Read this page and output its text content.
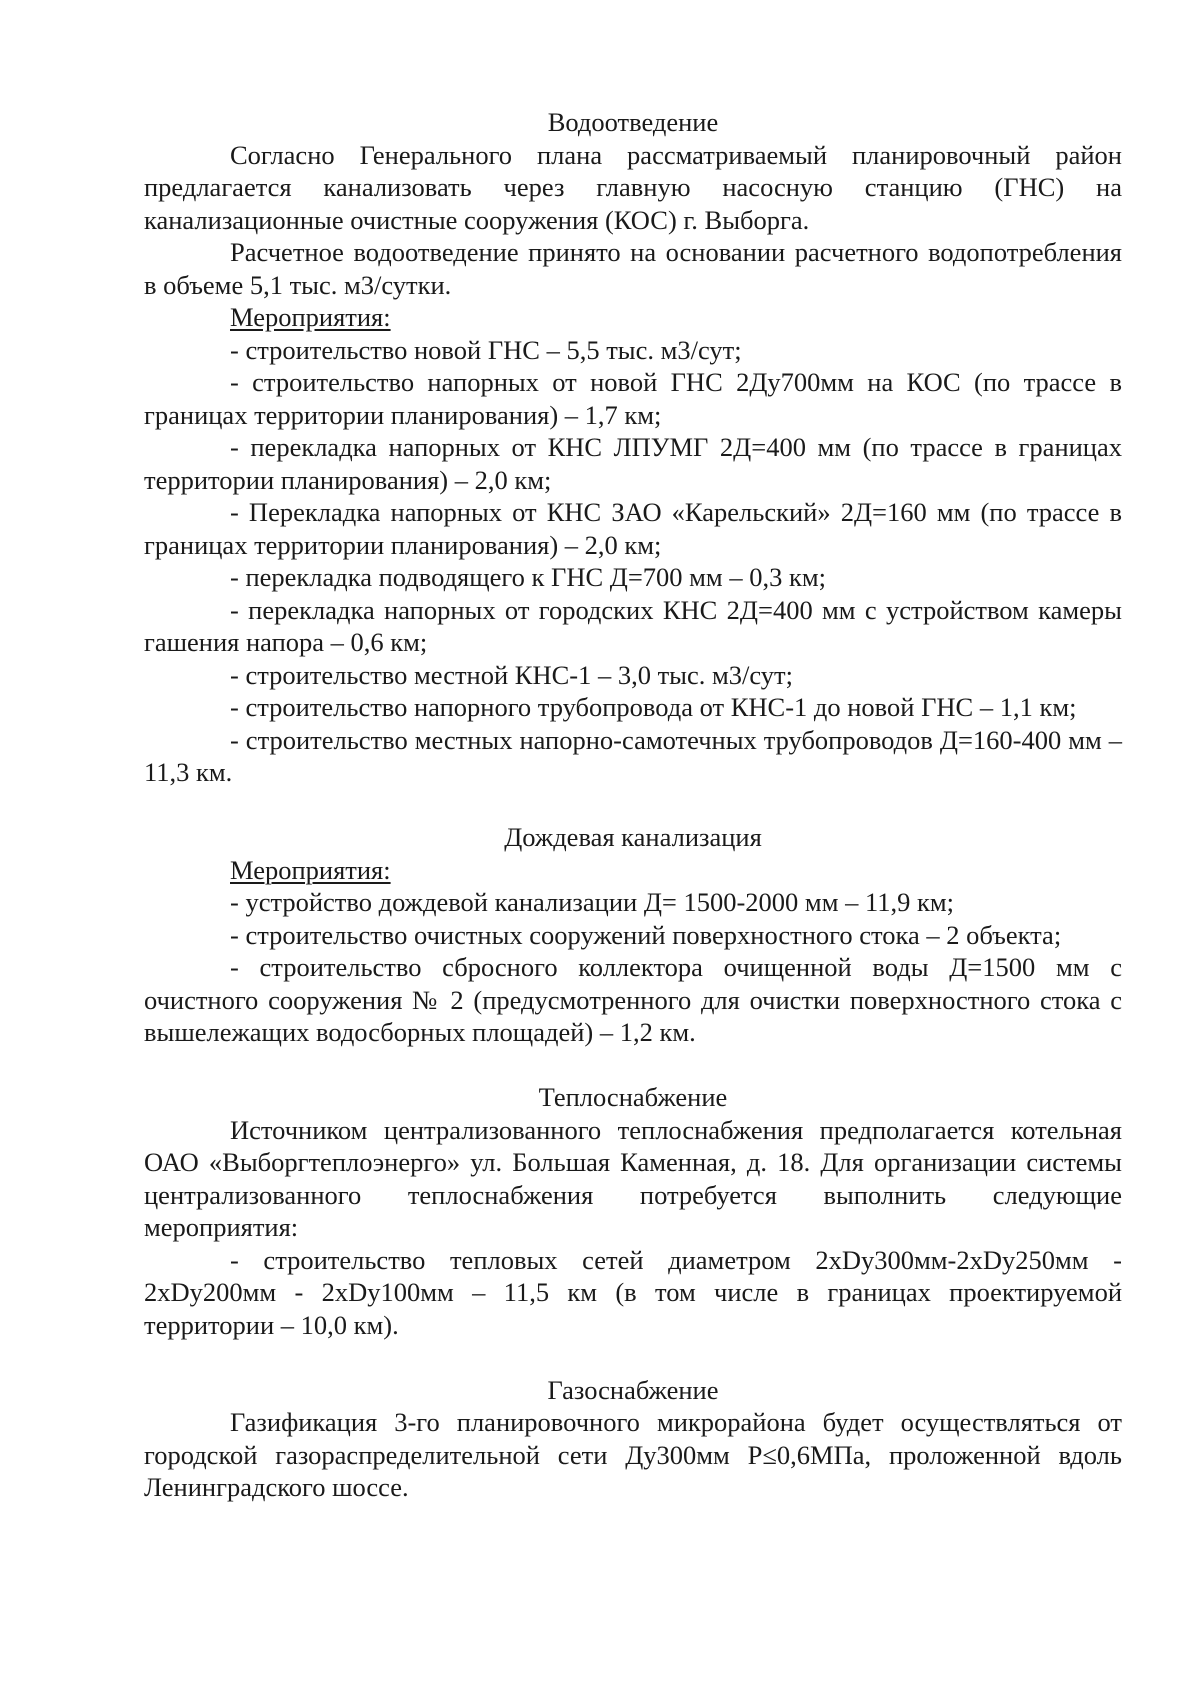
Водоотведение

Согласно Генерального плана рассматриваемый планировочный район предлагается канализовать через главную насосную станцию (ГНС) на канализационные очистные сооружения (КОС) г. Выборга.

Расчетное водоотведение принято на основании расчетного водопотребления в объеме 5,1 тыс. м3/сутки.

Мероприятия:

- строительство новой ГНС – 5,5 тыс. м3/сут;

- строительство напорных от новой ГНС 2Ду700мм на КОС (по трассе в границах территории планирования) – 1,7 км;

- перекладка напорных от КНС ЛПУМГ 2Д=400 мм (по трассе в границах территории планирования) – 2,0 км;

- Перекладка напорных от КНС ЗАО «Карельский» 2Д=160 мм (по трассе в границах территории планирования) – 2,0 км;

- перекладка подводящего к ГНС Д=700 мм – 0,3 км;

- перекладка напорных от городских КНС 2Д=400 мм с устройством камеры гашения напора – 0,6 км;

- строительство местной КНС-1 – 3,0 тыс. м3/сут;

- строительство напорного трубопровода от КНС-1 до новой ГНС – 1,1 км;

- строительство местных напорно-самотечных трубопроводов Д=160-400 мм – 11,3 км.

Дождевая канализация

Мероприятия:

- устройство дождевой канализации Д= 1500-2000 мм – 11,9 км;

- строительство очистных сооружений поверхностного стока – 2 объекта;

- строительство сбросного коллектора очищенной воды Д=1500 мм с очистного сооружения № 2 (предусмотренного для очистки поверхностного стока с вышележащих водосборных площадей) – 1,2 км.

Теплоснабжение

Источником централизованного теплоснабжения предполагается котельная ОАО «Выборгтеплоэнерго» ул. Большая Каменная, д. 18. Для организации системы централизованного теплоснабжения потребуется выполнить следующие мероприятия:

- строительство тепловых сетей диаметром 2xDy300мм-2xDy250мм - 2xDy200мм - 2xDy100мм – 11,5 км (в том числе в границах проектируемой территории – 10,0 км).

Газоснабжение

Газификация 3-го планировочного микрорайона будет осуществляться от городской газораспределительной сети Ду300мм Р≤0,6МПа, проложенной вдоль Ленинградского шоссе.
